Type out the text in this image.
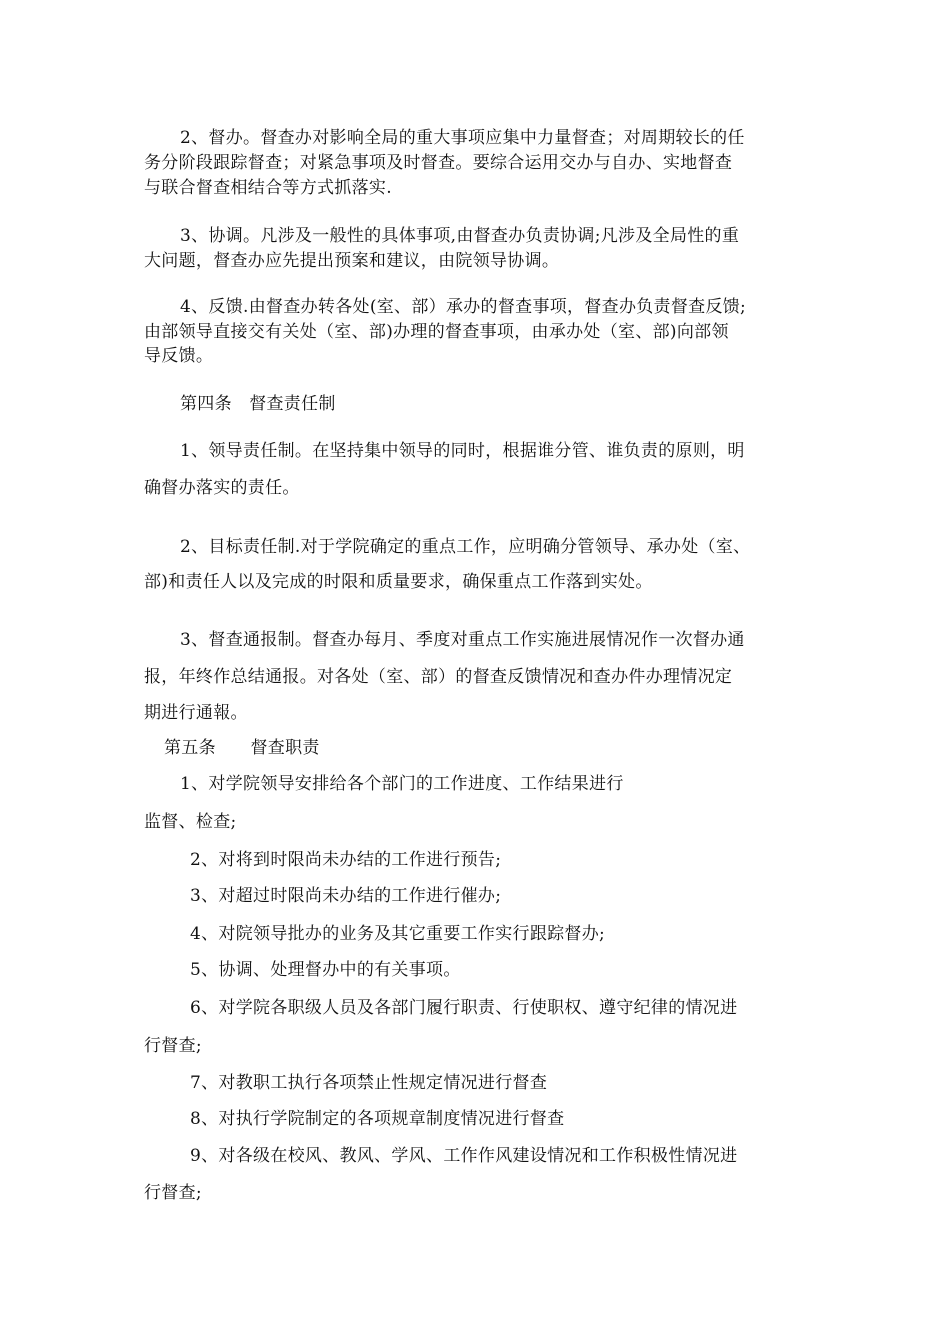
2、督办。督查办对影响全局的重大事项应集中力量督查；对周期较长的任
务分阶段跟踪督查；对紧急事项及时督查。要综合运用交办与自办、实地督查
与联合督查相结合等方式抓落实.
3、协调。凡涉及一般性的具体事项,由督查办负责协调;凡涉及全局性的重
大问题，督查办应先提出预案和建议，由院领导协调。
4、反馈.由督查办转各处(室、部）承办的督查事项，督查办负责督查反馈;
由部领导直接交有关处（室、部)办理的督查事项，由承办处（室、部)向部领
导反馈。
第四条　督查责任制
1、领导责任制。在坚持集中领导的同时，根据谁分管、谁负责的原则，明
确督办落实的责任。
2、目标责任制.对于学院确定的重点工作，应明确分管领导、承办处（室、
部)和责任人以及完成的时限和质量要求，确保重点工作落到实处。
3、督查通报制。督查办每月、季度对重点工作实施进展情况作一次督办通
报，年终作总结通报。对各处（室、部）的督查反馈情况和查办件办理情况定
期进行通報。
第五条　　督查职责
1、对学院领导安排给各个部门的工作进度、工作结果进行
监督、检查;
2、对将到时限尚未办结的工作进行预告;
3、对超过时限尚未办结的工作进行催办;
4、对院领导批办的业务及其它重要工作实行跟踪督办;
5、协调、处理督办中的有关事项。
6、对学院各职级人员及各部门履行职责、行使职权、遵守纪律的情况进
行督查;
7、对教职工执行各项禁止性规定情况进行督查
8、对执行学院制定的各项规章制度情况进行督查
9、对各级在校风、教风、学风、工作作风建设情况和工作积极性情况进
行督查;
